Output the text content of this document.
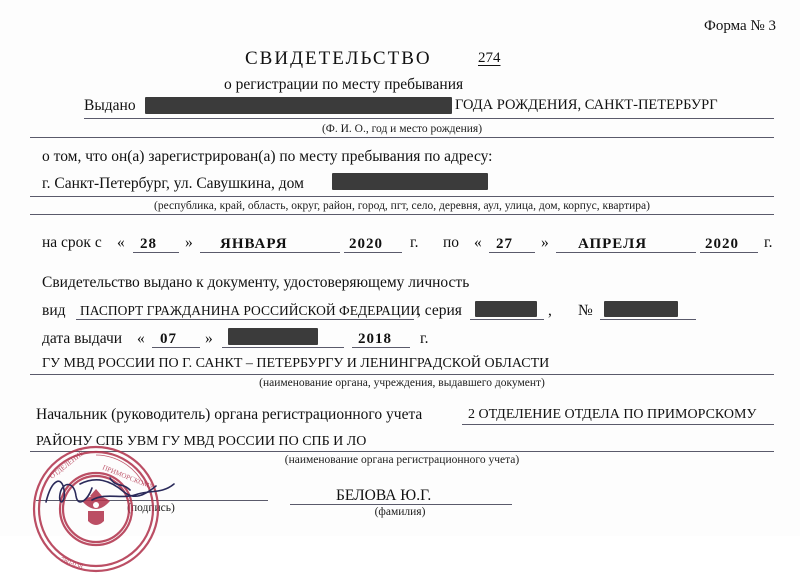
Форма № 3
СВИДЕТЕЛЬСТВО	274
о регистрации по месту пребывания
Выдано	ГОДА РОЖДЕНИЯ, САНКТ-ПЕТЕРБУРГ
(Ф. И. О., год и место рождения)
о том, что он(а) зарегистрирован(а) по месту пребывания по адресу:
г. Санкт-Петербург, ул. Савушкина, дом
(республика, край, область, округ, район, город, пгт, село, деревня, аул, улица, дом, корпус, квартира)
на срок с « 28 » ЯНВАРЯ	2020 г. по « 27 » АПРЕЛЯ	2020 г.
Свидетельство выдано к документу, удостоверяющему личность
вид ПАСПОРТ ГРАЖДАНИНА РОССИЙСКОЙ ФЕДЕРАЦИИ
, серия	, №
дата выдачи « 07 »	2018 г.
ГУ МВД РОССИИ ПО Г. САНКТ – ПЕТЕРБУРГУ И ЛЕНИНГРАДСКОЙ ОБЛАСТИ
(наименование органа, учреждения, выдавшего документ)
Начальник (руководитель) органа регистрационного учета	2 ОТДЕЛЕНИЕ ОТДЕЛА ПО ПРИМОРСКОМУ
РАЙОНУ СПБ УВМ ГУ МВД РОССИИ ПО СПБ И ЛО
(наименование органа регистрационного учета)
(подпись)
БЕЛОВА Ю.Г.
(фамилия)
ОТДЕЛЕНИЕ ПРИМОРСКОМУ
780-038
